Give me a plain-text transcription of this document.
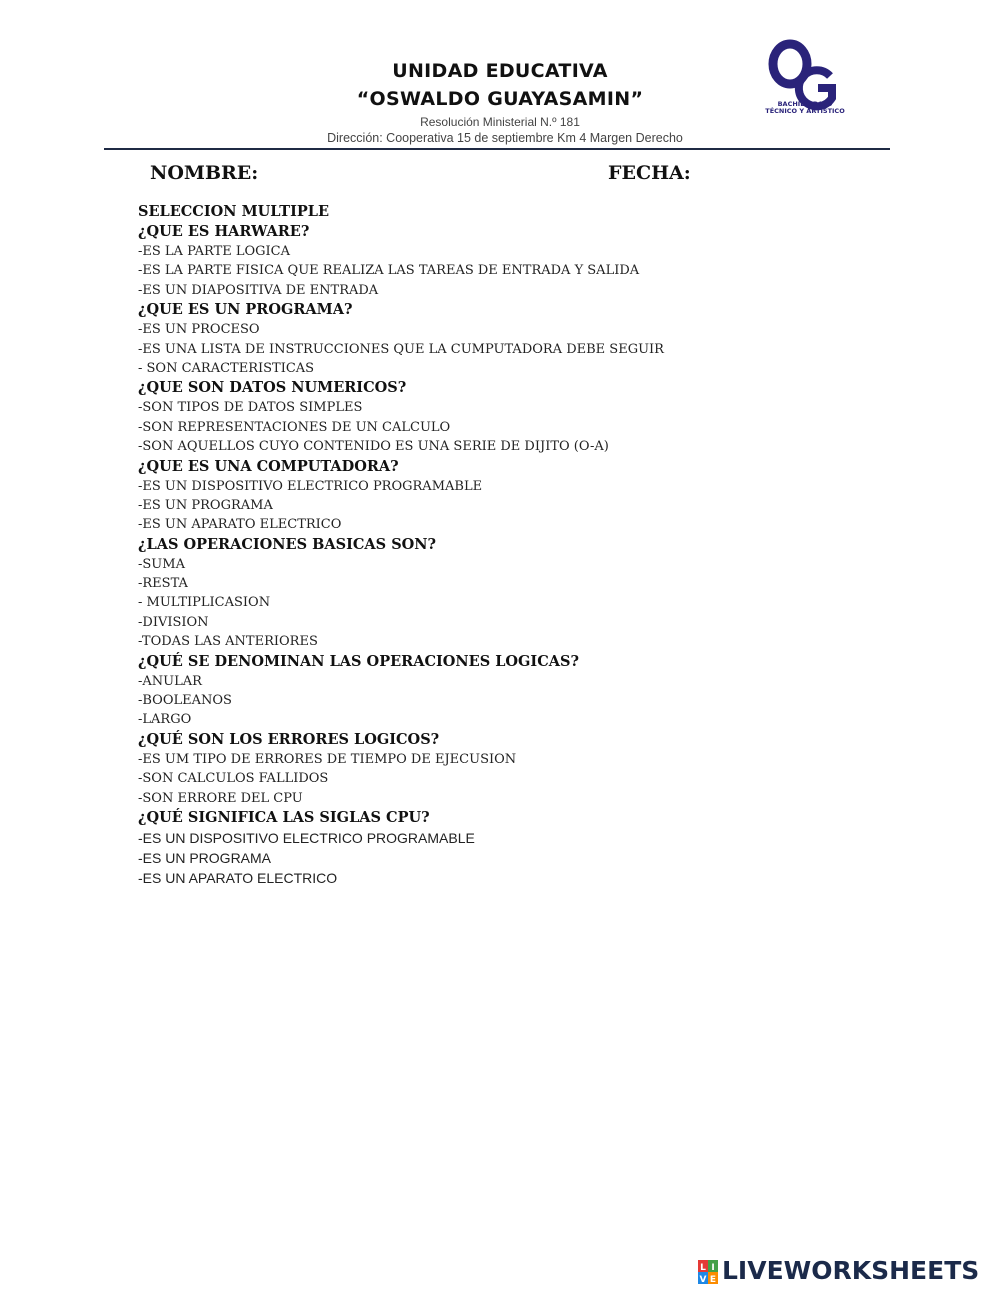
UNIDAD EDUCATIVA
“OSWALDO GUAYASAMIN”
Resolución Ministerial N.º 181
Dirección: Cooperativa 15 de septiembre Km 4 Margen Derecho
BACHILLERATO
TÉCNICO Y ARTÍSTICO
NOMBRE:	FECHA:
SELECCION MULTIPLE
¿QUE ES HARWARE?
-ES LA PARTE LOGICA
-ES LA PARTE FISICA QUE REALIZA LAS TAREAS DE ENTRADA Y SALIDA
-ES UN DIAPOSITIVA DE ENTRADA
¿QUE ES UN PROGRAMA?
-ES UN PROCESO
-ES UNA LISTA DE INSTRUCCIONES QUE LA CUMPUTADORA DEBE SEGUIR
- SON CARACTERISTICAS
¿QUE SON DATOS NUMERICOS?
-SON TIPOS DE DATOS SIMPLES
-SON REPRESENTACIONES DE UN CALCULO
-SON AQUELLOS CUYO CONTENIDO ES UNA SERIE DE DIJITO (O-A)
¿QUE ES UNA COMPUTADORA?
-ES UN DISPOSITIVO ELECTRICO PROGRAMABLE
-ES UN PROGRAMA
-ES UN APARATO ELECTRICO
¿LAS OPERACIONES BASICAS SON?
-SUMA
-RESTA
- MULTIPLICASION
-DIVISION
-TODAS LAS ANTERIORES
¿QUÉ SE DENOMINAN LAS OPERACIONES LOGICAS?
-ANULAR
-BOOLEANOS
-LARGO
¿QUÉ SON LOS ERRORES LOGICOS?
-ES UM TIPO DE ERRORES DE TIEMPO DE EJECUSION
-SON CALCULOS FALLIDOS
-SON ERRORE DEL CPU
¿QUÉ SIGNIFICA LAS SIGLAS CPU?
-ES UN DISPOSITIVO ELECTRICO PROGRAMABLE
-ES UN PROGRAMA
-ES UN APARATO ELECTRICO
L I
V E LIVEWORKSHEETS
